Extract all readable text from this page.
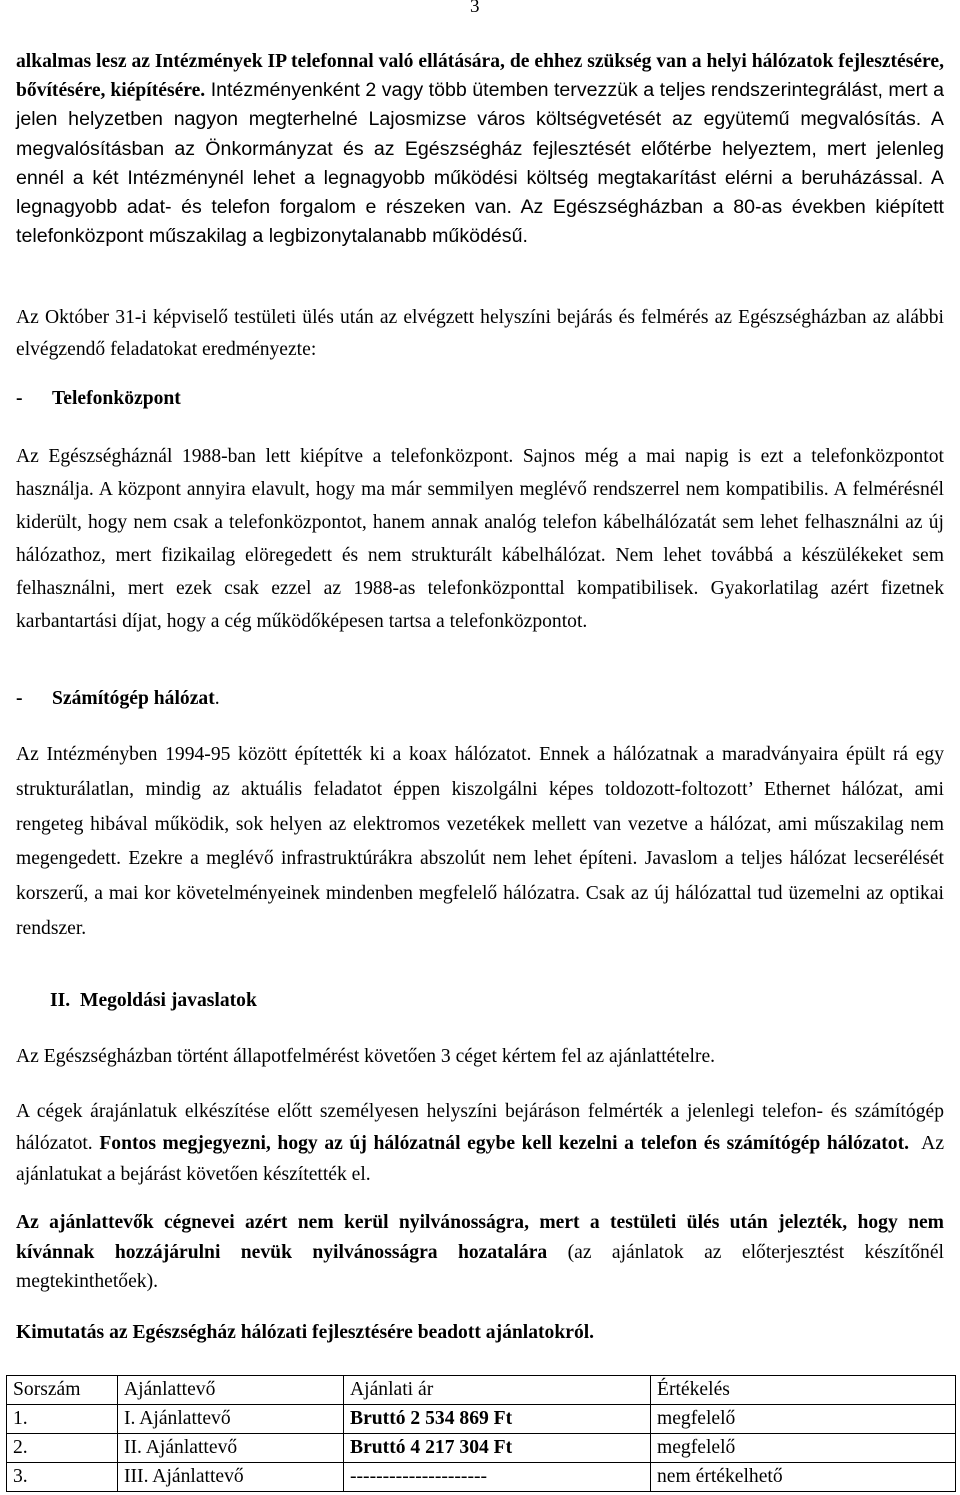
3
alkalmas lesz az Intézmények IP telefonnal való ellátására, de ehhez szükség van a helyi hálózatok fejlesztésére, bővítésére, kiépítésére. Intézményenként 2 vagy több ütemben tervezzük a teljes rendszerintegrálást, mert a jelen helyzetben nagyon megterhelné Lajosmizse város költségvetését az együtemű megvalósítás. A megvalósításban az Önkormányzat és az Egészségház fejlesztését előtérbe helyeztem, mert jelenleg ennél a két Intézménynél lehet a legnagyobb működési költség megtakarítást elérni a beruházással. A legnagyobb adat- és telefon forgalom e részeken van. Az Egészségházban a 80-as években kiépített telefonközpont műszakilag a legbizonytalanabb működésű.
Az Október 31-i képviselő testületi ülés után az elvégzett helyszíni bejárás és felmérés az Egészségházban az alábbi elvégzendő feladatokat eredményezte:
- Telefonközpont
Az Egészségháznál 1988-ban lett kiépítve a telefonközpont. Sajnos még a mai napig is ezt a telefonközpontot használja. A központ annyira elavult, hogy ma már semmilyen meglévő rendszerrel nem kompatibilis. A felmérésnél kiderült, hogy nem csak a telefonközpontot, hanem annak analóg telefon kábelhálózatát sem lehet felhasználni az új hálózathoz, mert fizikailag elöregedett és nem strukturált kábelhálózat. Nem lehet továbbá a készülékeket sem felhasználni, mert ezek csak ezzel az 1988-as telefonközponttal kompatibilisek. Gyakorlatilag azért fizetnek karbantartási díjat, hogy a cég működőképesen tartsa a telefonközpontot.
- Számítógép hálózat.
Az Intézményben 1994-95 között építették ki a koax hálózatot. Ennek a hálózatnak a maradványaira épült rá egy strukturálatlan, mindig az aktuális feladatot éppen kiszolgálni képes toldozott-foltozott’ Ethernet hálózat, ami rengeteg hibával működik, sok helyen az elektromos vezetékek mellett van vezetve a hálózat, ami műszakilag nem megengedett. Ezekre a meglévő infrastruktúrákra abszolút nem lehet építeni. Javaslom a teljes hálózat lecserélését korszerű, a mai kor követelményeinek mindenben megfelelő hálózatra. Csak az új hálózattal tud üzemelni az optikai rendszer.
II.  Megoldási javaslatok
Az Egészségházban történt állapotfelmérést követően 3 céget kértem fel az ajánlattételre.
A cégek árajánlatuk elkészítése előtt személyesen helyszíni bejáráson felmérték a jelenlegi telefon- és számítógép hálózatot. Fontos megjegyezni, hogy az új hálózatnál egybe kell kezelni a telefon és számítógép hálózatot.  Az ajánlatukat a bejárást követően készítették el.
Az ajánlattevők cégnevei azért nem kerül nyilvánosságra, mert a testületi ülés után jelezték, hogy nem kívánnak hozzájárulni nevük nyilvánosságra hozatalára (az ajánlatok az előterjesztést készítőnél megtekinthetőek).
Kimutatás az Egészségház hálózati fejlesztésére beadott ajánlatokról.
Sorszám	Ajánlattevő	Ajánlati ár	Értékelés
1.	I. Ajánlattevő	Bruttó 2 534 869 Ft	megfelelő
2.	II. Ajánlattevő	Bruttó 4 217 304 Ft	megfelelő
3.	III. Ajánlattevő	---------------------	nem értékelhető
